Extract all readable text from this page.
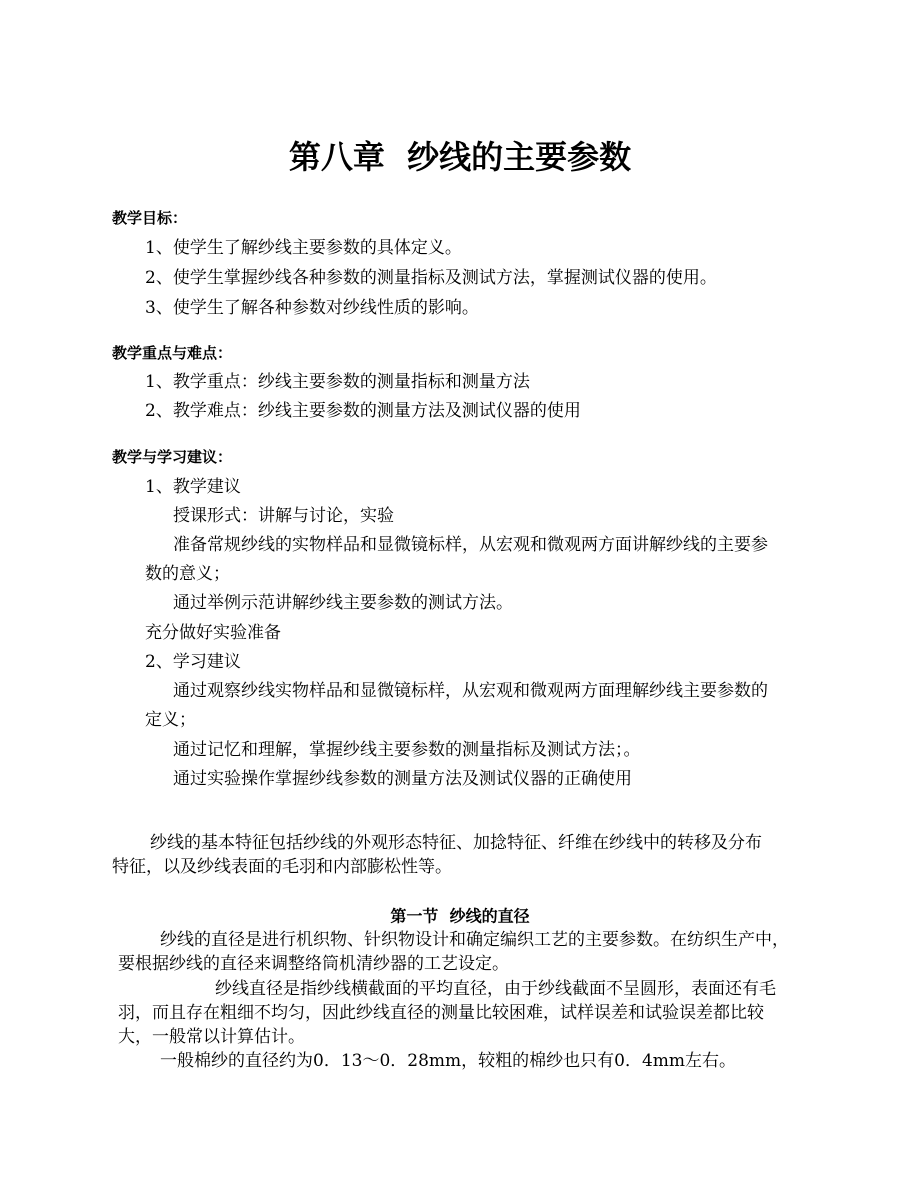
第八章  纱线的主要参数
教学目标：
1、使学生了解纱线主要参数的具体定义。
2、使学生掌握纱线各种参数的测量指标及测试方法，掌握测试仪器的使用。
3、使学生了解各种参数对纱线性质的影响。
教学重点与难点：
1、教学重点：纱线主要参数的测量指标和测量方法
2、教学难点：纱线主要参数的测量方法及测试仪器的使用
教学与学习建议：
1、教学建议
授课形式：讲解与讨论，实验
准备常规纱线的实物样品和显微镜标样，从宏观和微观两方面讲解纱线的主要参
数的意义；
通过举例示范讲解纱线主要参数的测试方法。
充分做好实验准备
2、学习建议
通过观察纱线实物样品和显微镜标样，从宏观和微观两方面理解纱线主要参数的
定义；
通过记忆和理解，掌握纱线主要参数的测量指标及测试方法；。
通过实验操作掌握纱线参数的测量方法及测试仪器的正确使用
纱线的基本特征包括纱线的外观形态特征、加捻特征、纤维在纱线中的转移及分布
特征，以及纱线表面的毛羽和内部膨松性等。
第一节  纱线的直径
纱线的直径是进行机织物、针织物设计和确定编织工艺的主要参数。在纺织生产中，
要根据纱线的直径来调整络筒机清纱器的工艺设定。
纱线直径是指纱线横截面的平均直径，由于纱线截面不呈圆形，表面还有毛
羽，而且存在粗细不均匀，因此纱线直径的测量比较困难，试样误差和试验误差都比较
大，一般常以计算估计。
一般棉纱的直径约为0．13～0．28mm，较粗的棉纱也只有0．4mm左右。
